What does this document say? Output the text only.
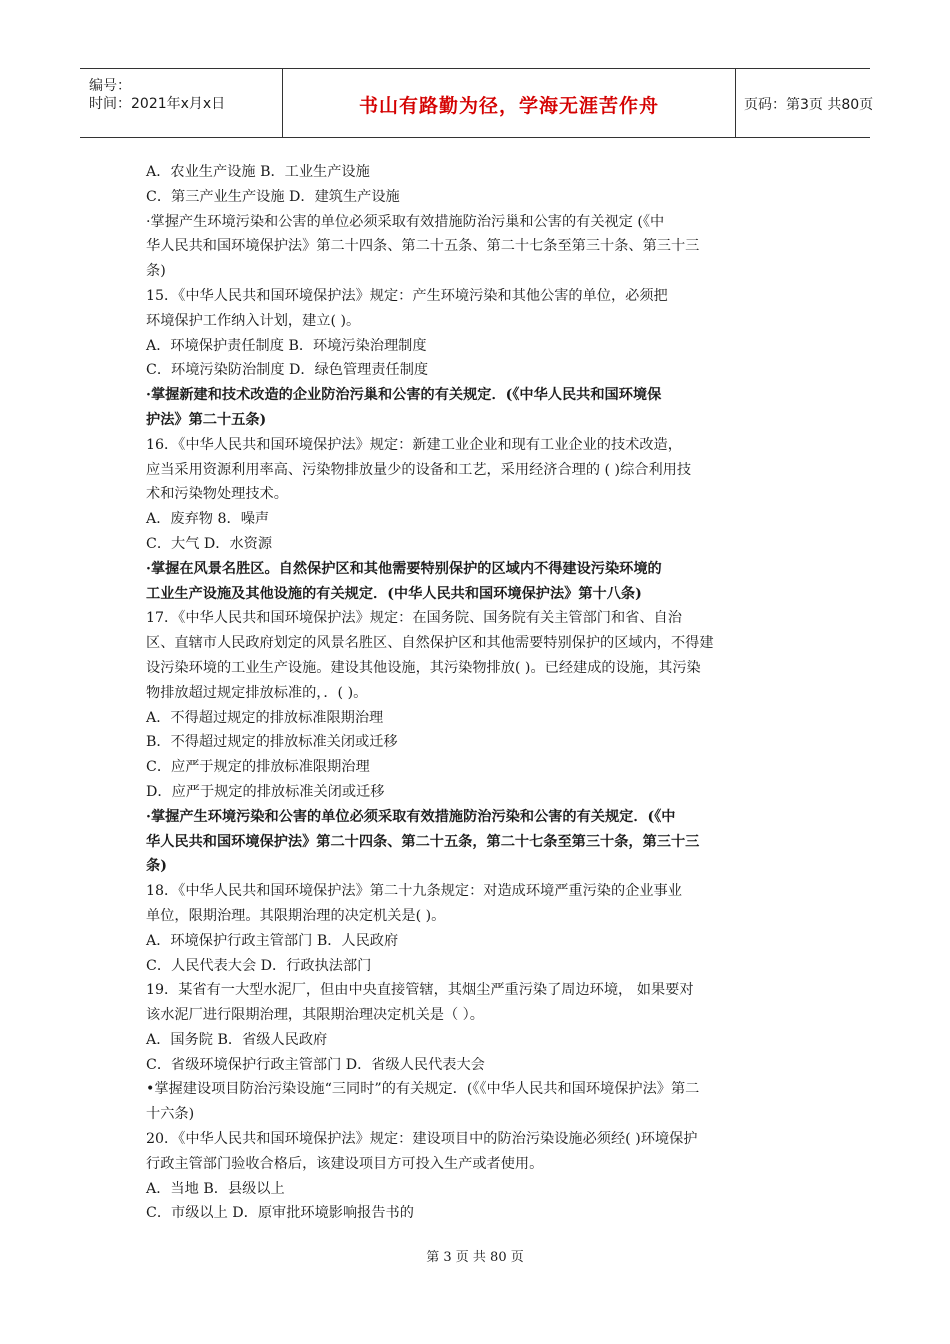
编号：
时间：2021年x月x日	书山有路勤为径，学海无涯苦作舟	页码：第3页 共80页
A．农业生产设施 B．工业生产设施
C．第三产业生产设施 D．建筑生产设施
·掌握产生环境污染和公害的单位必须采取有效措施防治污巢和公害的有关视定 (《中
华人民共和国环境保护法》第二十四条、第二十五条、第二十七条至第三十条、第三十三
条)
15．《中华人民共和国环境保护法》规定：产生环境污染和其他公害的单位，必须把
环境保护工作纳入计划，建立( )。
A．环境保护责任制度 B．环境污染治理制度
C．环境污染防治制度 D．绿色管理责任制度
·掌握新建和技术改造的企业防治污巢和公害的有关规定．(《中华人民共和国环境保
护法》第二十五条)
16．《中华人民共和国环境保护法》规定：新建工业企业和现有工业企业的技术改造，
应当采用资源利用率高、污染物排放量少的设备和工艺，采用经济合理的 ( )综合利用技
术和污染物处理技术。
A．废弃物 8．噪声
C．大气 D．水资源
·掌握在风景名胜区。自然保护区和其他需要特别保护的区域内不得建设污染环境的
工业生产设施及其他设施的有关规定．(中华人民共和国环境保护法》第十八条)
17．《中华人民共和国环境保护法》规定：在国务院、国务院有关主管部门和省、自治
区、直辖市人民政府划定的风景名胜区、自然保护区和其他需要特别保护的区域内，不得建
设污染环境的工业生产设施。建设其他设施，其污染物排放( )。已经建成的设施，其污染
物排放超过规定排放标准的，．( )。
A．不得超过规定的排放标准限期治理
B．不得超过规定的排放标准关闭或迁移
C．应严于规定的排放标准限期治理
D．应严于规定的排放标准关闭或迁移
·掌握产生环境污染和公害的单位必须采取有效措施防治污染和公害的有关规定．(《中
华人民共和国环境保护法》第二十四条、第二十五条，第二十七条至第三十条，第三十三
条)
18．《中华人民共和国环境保护法》第二十九条规定：对造成环境严重污染的企业事业
单位，限期治理。其限期治理的决定机关是( )。
A．环境保护行政主管部门 B．人民政府
C．人民代表大会 D．行政执法部门
19．某省有一大型水泥厂，但由中央直接管辖，其烟尘严重污染了周边环境， 如果要对
该水泥厂进行限期治理，其限期治理决定机关是（ ）。
A．国务院 B．省级人民政府
C．省级环境保护行政主管部门 D．省级人民代表大会
•掌握建设项目防治污染设施“三同时”的有关规定．(《《中华人民共和国环境保护法》第二
十六条)
20．《中华人民共和国环境保护法》规定：建设项目中的防治污染设施必须经( )环境保护
行政主管部门验收合格后，该建设项目方可投入生产或者使用。
A．当地 B．县级以上
C．市级以上 D．原审批环境影响报告书的
第 3 页 共 80 页
